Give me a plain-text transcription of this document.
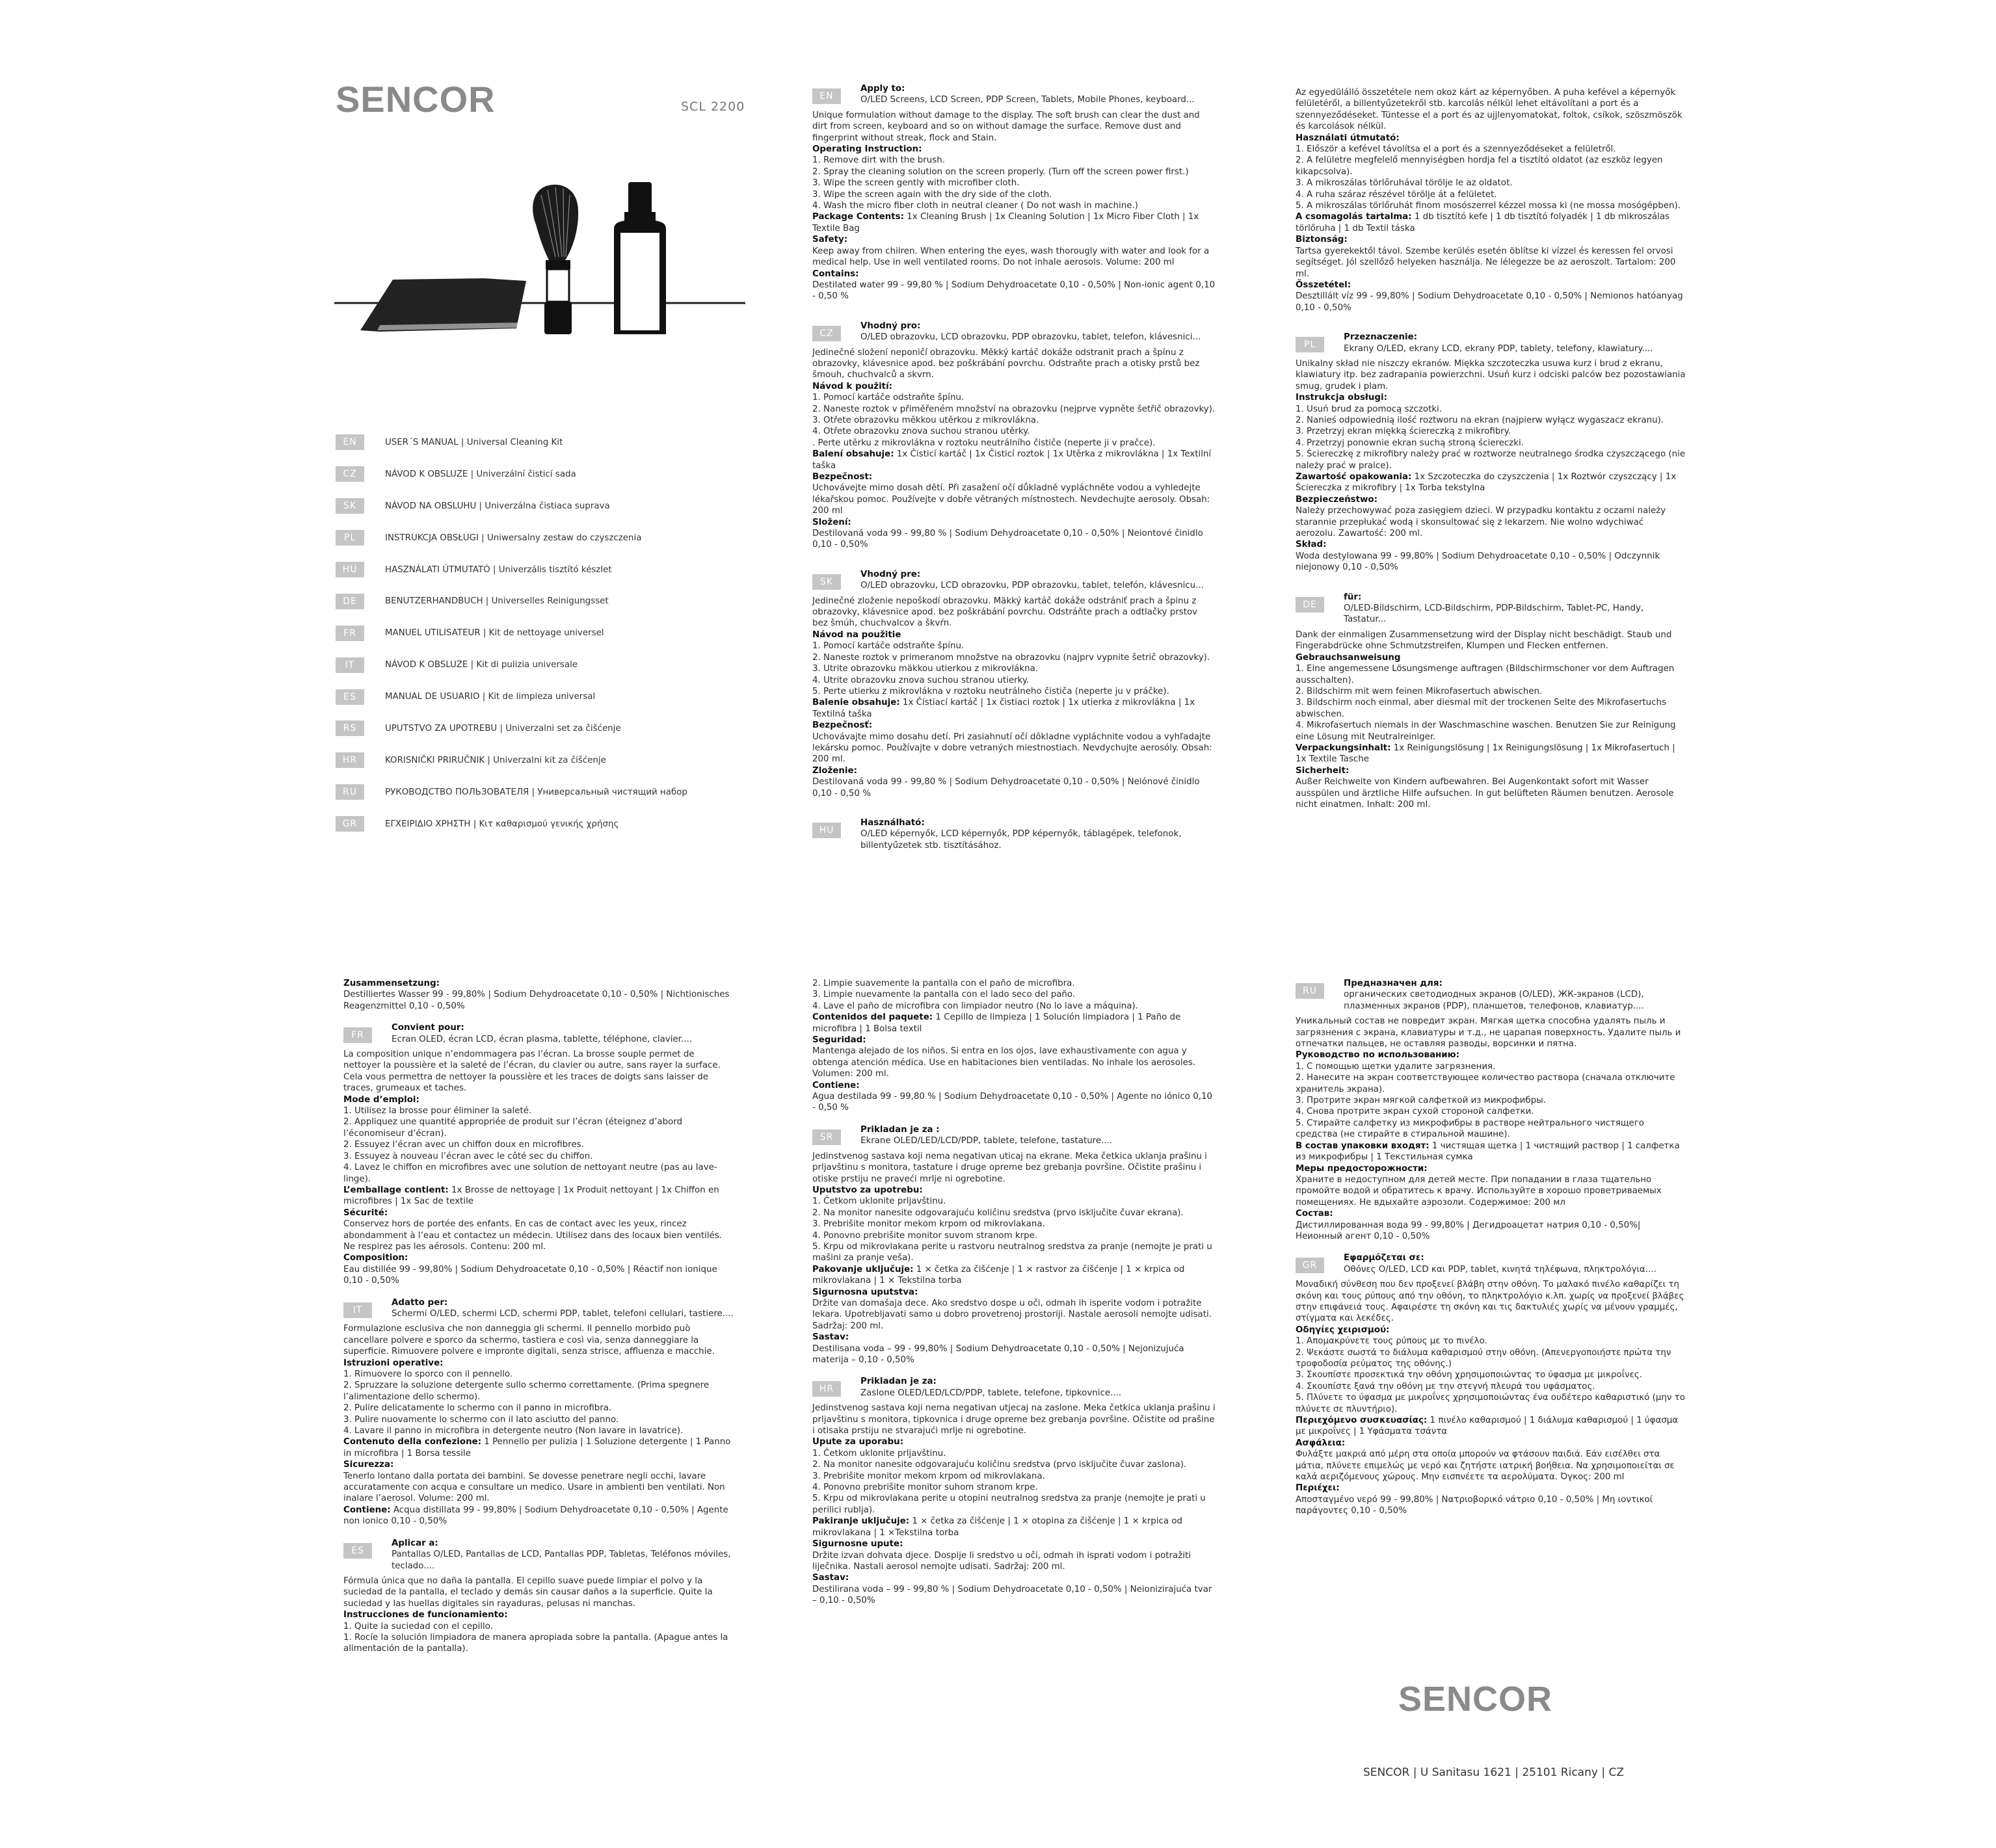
SENCOR	SCL 2200
EN	USER´S MANUAL | Universal Cleaning Kit
CZ	NÁVOD K OBSLUZE | Univerzální čisticí sada
SK	NÁVOD NA OBSLUHU | Univerzálna čistiaca suprava
PL	INSTRUKCJA OBSŁUGI | Uniwersalny zestaw do czyszczenia
HU	HASZNÁLATI ÚTMUTATÓ | Univerzális tisztító készlet
DE	BENUTZERHANDBUCH | Universelles Reinigungsset
FR	MANUEL UTILISATEUR | Kit de nettoyage universel
IT	NÁVOD K OBSLUZE | Kit di pulizia universale
ES	MANUAL DE USUARIO | Kit de limpieza universal
RS	UPUTSTVO ZA UPOTREBU | Univerzalni set za čišćenje
HR	KORISNIČKI PRIRUČNIK | Univerzalni kit za čišćenje
RU	РУКОВОДСТВО ПОЛЬЗОВАТЕЛЯ | Универсальный чистящий набор
GR	ΕΓΧΕΙΡΙΔΙΟ ΧΡΗΣΤΗ | Κιτ καθαρισμού γενικής χρήσης
EN

Apply to:

O/LED Screens, LCD Screen, PDP Screen, Tablets, Mobile Phones, keyboard...

Unique formulation without damage to the display. The soft brush can clear the dust and dirt from screen, keyboard and so on without damage the surface. Remove dust and fingerprint without streak, flock and Stain.

Operating Instruction:

1. Remove dirt with the brush.

2. Spray the cleaning solution on the screen properly. (Turn off the screen power first.)

3. Wipe the screen gently with microfiber cloth.

3. Wipe the screen again with the dry side of the cloth.

4. Wash the micro fiber cloth in neutral cleaner ( Do not wash in machine.)

Package Contents: 1x Cleaning Brush | 1x Cleaning Solution | 1x Micro Fiber Cloth | 1x Textile Bag

Safety:

Keep away from chilren. When entering the eyes, wash thorougly with water and look for a medical help. Use in well ventilated rooms. Do not inhale aerosols. Volume: 200 ml

Contains:

Destilated water 99 - 99,80 % | Sodium Dehydroacetate 0,10 - 0,50% | Non-ionic agent 0,10 - 0,50 %

CZ

Vhodný pro:

O/LED obrazovku, LCD obrazovku, PDP obrazovku, tablet, telefon, klávesnici...

Jedinečné složení neponičí obrazovku. Měkký kartáč dokáže odstranit prach a špínu z obrazovky, klávesnice apod. bez poškrábání povrchu. Odstraňte prach a otisky prstů bez šmouh, chuchvalců a skvrn.

Návod k použití:

1. Pomocí kartáče odstraňte špínu.

2. Naneste roztok v přiměřeném množství na obrazovku (nejprve vypněte šetřič obrazovky).

3. Otřete obrazovku měkkou utěrkou z mikrovlákna.

4. Otřete obrazovku znova suchou stranou utěrky.

. Perte utěrku z mikrovlákna v roztoku neutrálního čističe (neperte ji v pračce).

Balení obsahuje: 1x Čisticí kartáč | 1x Čisticí roztok | 1x Utěrka z mikrovlákna | 1x Textilní taška

Bezpečnost:

Uchovávejte mimo dosah dětí. Při zasažení očí důkladně vypláchněte vodou a vyhledejte lékařskou pomoc. Používejte v dobře větraných místnostech. Nevdechujte aerosoly. Obsah: 200 ml

Složení:

Destilovaná voda 99 - 99,80 % | Sodium Dehydroacetate 0,10 - 0,50% | Neiontové činidlo 0,10 - 0,50%

SK

Vhodný pre:

O/LED obrazovku, LCD obrazovku, PDP obrazovku, tablet, telefón, klávesnicu...

Jedinečné zloženie nepoškodí obrazovku. Mäkký kartáč dokáže odstrániť prach a špinu z obrazovky, klávesnice apod. bez poškrábání povrchu. Odstráňte prach a odtlačky prstov bez šmúh, chuchvalcov a škvŕn.

Návod na použitie

1. Pomocí kartáče odstraňte špínu.

2. Naneste roztok v primeranom množstve na obrazovku (najprv vypnite šetrič obrazovky).

3. Utrite obrazovku mäkkou utierkou z mikrovlákna.

4. Utrite obrazovku znova suchou stranou utierky.

5. Perte utierku z mikrovlákna v roztoku neutrálneho čističa (neperte ju v práčke).

Balenie obsahuje: 1x Čistiací kartáč | 1x čistiaci roztok | 1x utierka z mikrovlákna | 1x Textilná taška

Bezpečnosť:

Uchovávajte mimo dosahu detí. Pri zasiahnutí očí dôkladne vypláchnite vodou a vyhľadajte lekársku pomoc. Používajte v dobre vetraných miestnostiach. Nevdychujte aerosóly. Obsah: 200 ml.

Zloženie:

Destilovaná voda 99 - 99,80 % | Sodium Dehydroacetate 0,10 - 0,50% | Neiónové činidlo 0,10 - 0,50 %

HU

Használható:

O/LED képernyők, LCD képernyők, PDP képernyők, táblagépek, telefonok, billentyűzetek stb. tisztításához.

Az egyedülálló összetétele nem okoz kárt az képernyőben. A puha kefével a képernyők felületéről, a billentyűzetekről stb. karcolás nélkül lehet eltávolítani a port és a szennyeződéseket. Tüntesse el a port és az ujjlenyomatokat, foltok, csíkok, szöszmöszök és karcolások nélkül.

Használati útmutató:

1. Először a kefével távolítsa el a port és a szennyeződéseket a felületről.

2. A felületre megfelelő mennyiségben hordja fel a tisztító oldatot (az eszköz legyen kikapcsolva).

3. A mikroszálas törlőruhával törölje le az oldatot.

4. A ruha száraz részével törölje át a felületet.

5. A mikroszálas törlőruhát finom mosószerrel kézzel mossa ki (ne mossa mosógépben).

A csomagolás tartalma: 1 db tisztító kefe | 1 db tisztító folyadék | 1 db mikroszálas törlőruha | 1 db Textil táska

Biztonság:

Tartsa gyerekektől távol. Szembe kerülés esetén öblítse ki vízzel és keressen fel orvosi segítséget. Jól szellőző helyeken használja. Ne lélegezze be az aeroszolt. Tartalom: 200 ml.

Összetétel:

Desztillált víz 99 - 99,80% | Sodium Dehydroacetate 0,10 - 0,50% | Nemionos hatóanyag 0,10 - 0,50%

PL

Przeznaczenie:

Ekrany O/LED, ekrany LCD, ekrany PDP, tablety, telefony, klawiatury....

Unikalny skład nie niszczy ekranów. Miękka szczoteczka usuwa kurz i brud z ekranu, klawiatury itp. bez zadrapania powierzchni. Usuń kurz i odciski palców bez pozostawiania smug, grudek i plam.

Instrukcja obsługi:

1. Usuń brud za pomocą szczotki.

2. Nanieś odpowiednią ilość roztworu na ekran (najpierw wyłącz wygaszacz ekranu).

3. Przetrzyj ekran miękką ściereczką z mikrofibry.

4. Przetrzyj ponownie ekran suchą stroną ściereczki.

5. Ściereczkę z mikrofibry należy prać w roztworze neutralnego środka czyszczącego (nie należy prać w pralce).

Zawartość opakowania: 1x Szczoteczka do czyszczenia | 1x Roztwór czyszczący | 1x Ściereczka z mikrofibry | 1x Torba tekstylna

Bezpieczeństwo:

Należy przechowywać poza zasięgiem dzieci. W przypadku kontaktu z oczami należy starannie przepłukać wodą i skonsultować się z lekarzem. Nie wolno wdychiwać aerozolu. Zawartość: 200 ml.

Skład:

Woda destylowana 99 - 99,80% | Sodium Dehydroacetate 0,10 - 0,50% | Odczynnik niejonowy 0,10 - 0,50%

DE

für:

O/LED-Bildschirm, LCD-Bildschirm, PDP-Bildschirm, Tablet-PC, Handy, Tastatur...

Dank der einmaligen Zusammensetzung wird der Display nicht beschädigt. Staub und Fingerabdrücke ohne Schmutzstreifen, Klumpen und Flecken entfernen.

Gebrauchsanweisung

1. Eine angemessene Lösungsmenge auftragen (Bildschirmschoner vor dem Auftragen ausschalten).

2. Bildschirm mit wem feinen Mikrofasertuch abwischen.

3. Bildschirm noch einmal, aber diesmal mit der trockenen Seite des Mikrofasertuchs abwischen.

4. Mikrofasertuch niemals in der Waschmaschine waschen. Benutzen Sie zur Reinigung eine Lösung mit Neutralreiniger.

Verpackungsinhalt: 1x Reinigungslösung | 1x Reinigungslösung | 1x Mikrofasertuch | 1x Textile Tasche

Sicherheit:

Außer Reichweite von Kindern aufbewahren. Bei Augenkontakt sofort mit Wasser ausspülen und ärztliche Hilfe aufsuchen. In gut belüfteten Räumen benutzen. Aerosole nicht einatmen. Inhalt: 200 ml.

Zusammensetzung:

Destilliertes Wasser 99 - 99,80% | Sodium Dehydroacetate 0,10 - 0,50% | Nichtionisches Reagenzmittel 0,10 - 0,50%

FR

Convient pour:

Ecran OLED, écran LCD, écran plasma, tablette, téléphone, clavier....

La composition unique n’endommagera pas l’écran. La brosse souple permet de nettoyer la poussière et la saleté de l’écran, du clavier ou autre, sans rayer la surface. Cela vous permettra de nettoyer la poussière et les traces de doigts sans laisser de traces, grumeaux et taches.

Mode d’emploi:

1. Utilisez la brosse pour éliminer la saleté.

2. Appliquez une quantité appropriée de produit sur l’écran (éteignez d’abord l’économiseur d’écran).

2. Essuyez l’écran avec un chiffon doux en microfibres.

3. Essuyez à nouveau l’écran avec le côté sec du chiffon.

4. Lavez le chiffon en microfibres avec une solution de nettoyant neutre (pas au lave-linge).

L’emballage contient: 1x Brosse de nettoyage | 1x Produit nettoyant | 1x Chiffon en microfibres | 1x Sac de textile

Sécurité:

Conservez hors de portée des enfants. En cas de contact avec les yeux, rincez abondamment à l’eau et contactez un médecin. Utilisez dans des locaux bien ventilés. Ne respirez pas les aérosols. Contenu: 200 ml.

Composition:

Eau distillée 99 - 99,80% | Sodium Dehydroacetate 0,10 - 0,50% | Réactif non ionique 0,10 - 0,50%

IT

Adatto per:

Schermi O/LED, schermi LCD, schermi PDP, tablet, telefoni cellulari, tastiere....

Formulazione esclusiva che non danneggia gli schermi. Il pennello morbido può cancellare polvere e sporco da schermo, tastiera e così via, senza danneggiare la superficie. Rimuovere polvere e impronte digitali, senza strisce, affluenza e macchie.

Istruzioni operative:

1. Rimuovere lo sporco con il pennello.

2. Spruzzare la soluzione detergente sullo schermo correttamente. (Prima spegnere l’alimentazione dello schermo).

2. Pulire delicatamente lo schermo con il panno in microfibra.

3. Pulire nuovamente lo schermo con il lato asciutto del panno.

4. Lavare il panno in microfibra in detergente neutro (Non lavare in lavatrice).

Contenuto della confezione: 1 Pennello per pulizia | 1 Soluzione detergente | 1 Panno in microfibra | 1 Borsa tessile

Sicurezza:

Tenerlo lontano dalla portata dei bambini. Se dovesse penetrare negli occhi, lavare accuratamente con acqua e consultare un medico. Usare in ambienti ben ventilati. Non inalare l’aerosol. Volume: 200 ml.

Contiene: Acqua distillata 99 - 99,80% | Sodium Dehydroacetate 0,10 - 0,50% | Agente non ionico 0,10 - 0,50%

ES

Aplicar a:

Pantallas O/LED, Pantallas de LCD, Pantallas PDP, Tabletas, Teléfonos móviles, teclado....

Fórmula única que no daña la pantalla. El cepillo suave puede limpiar el polvo y la suciedad de la pantalla, el teclado y demás sin causar daños a la superficie. Quite la suciedad y las huellas digitales sin rayaduras, pelusas ni manchas.

Instrucciones de funcionamiento:

1. Quite la suciedad con el cepillo.

1. Rocíe la solución limpiadora de manera apropiada sobre la pantalla. (Apague antes la alimentación de la pantalla).

2. Limpie suavemente la pantalla con el paño de microfibra.

3. Limpie nuevamente la pantalla con el lado seco del paño.

4. Lave el paño de microfibra con limpiador neutro (No lo lave a máquina).

Contenidos del paquete: 1 Cepillo de limpieza | 1 Solución limpiadora | 1 Paño de microfibra | 1 Bolsa textil

Seguridad:

Mantenga alejado de los niños. Si entra en los ojos, lave exhaustivamente con agua y obtenga atención médica. Use en habitaciones bien ventiladas. No inhale los aerosoles. Volumen: 200 ml.

Contiene:

Agua destilada 99 - 99,80 % | Sodium Dehydroacetate 0,10 - 0,50% | Agente no iónico 0,10 - 0,50 %

SR

Prikladan je za :

Ekrane OLED/LED/LCD/PDP, tablete, telefone, tastature....

Jedinstvenog sastava koji nema negativan uticaj na ekrane. Meka četkica uklanja prašinu i prljavštinu s monitora, tastature i druge opreme bez grebanja površine. Očistite prašinu i otiske prstiju ne praveći mrlje ni ogrebotine.

Uputstvo za upotrebu:

1. Četkom uklonite prljavštinu.

2. Na monitor nanesite odgovarajuću količinu sredstva (prvo isključite čuvar ekrana).

3. Prebrišite monitor mekom krpom od mikrovlakana.

4. Ponovno prebrišite monitor suvom stranom krpe.

5. Krpu od mikrovlakana perite u rastvoru neutralnog sredstva za pranje (nemojte je prati u mašini za pranje veša).

Pakovanje uključuje: 1 × četka za čišćenje | 1 × rastvor za čišćenje | 1 × krpica od mikrovlakana | 1 × Tekstilna torba

Sigurnosna uputstva:

Držite van domašaja dece. Ako sredstvo dospe u oči, odmah ih isperite vodom i potražite lekara. Upotrebljavati samo u dobro provetrenoj prostoriji. Nastale aerosoli nemojte udisati. Sadržaj: 200 ml.

Sastav:

Destilisana voda – 99 - 99,80% | Sodium Dehydroacetate 0,10 - 0,50% | Nejonizujuća materija – 0,10 - 0,50%

HR

Prikladan je za:

Zaslone OLED/LED/LCD/PDP, tablete, telefone, tipkovnice....

Jedinstvenog sastava koji nema negativan utjecaj na zaslone. Meka četkica uklanja prašinu i prljavštinu s monitora, tipkovnica i druge opreme bez grebanja površine. Očistite od prašine i otisaka prstiju ne stvarajući mrlje ni ogrebotine.

Upute za uporabu:

1. Četkom uklonite prljavštinu.

2. Na monitor nanesite odgovarajuću količinu sredstva (prvo isključite čuvar zaslona).

3. Prebrišite monitor mekom krpom od mikrovlakana.

4. Ponovno prebrišite monitor suhom stranom krpe.

5. Krpu od mikrovlakana perite u otopini neutralnog sredstva za pranje (nemojte je prati u perilici rublja).

Pakiranje uključuje: 1 × četka za čišćenje | 1 × otopina za čišćenje | 1 × krpica od mikrovlakana | 1 ×Tekstilna torba

Sigurnosne upute:

Držite izvan dohvata djece. Dospije li sredstvo u oči, odmah ih isprati vodom i potražiti liječnika. Nastali aerosol nemojte udisati. Sadržaj: 200 ml.

Sastav:

Destilirana voda – 99 - 99,80 % | Sodium Dehydroacetate 0,10 - 0,50% | Neionizirajuća tvar – 0,10 - 0,50%

RU

Предназначен для:

органических светодиодных экранов (O/LED), ЖК-экранов (LCD), плазменных экранов (PDP), планшетов, телефонов, клавиатур....

Уникальный состав не повредит экран. Мягкая щетка способна удалять пыль и загрязнения с экрана, клавиатуры и т.д., не царапая поверхность. Удалите пыль и отпечатки пальцев, не оставляя разводы, ворсинки и пятна.

Руководство по использованию:

1. С помощью щетки удалите загрязнения.

2. Нанесите на экран соответствующее количество раствора (сначала отключите хранитель экрана).

3. Протрите экран мягкой салфеткой из микрофибры.

4. Снова протрите экран сухой стороной салфетки.

5. Стирайте салфетку из микрофибры в растворе нейтрального чистящего средства (не стирайте в стиральной машине).

В состав упаковки входят: 1 чистящая щетка | 1 чистящий раствор | 1 салфетка из микрофибры | 1 Текстильная сумка

Меры предосторожности:

Храните в недоступном для детей месте. При попадании в глаза тщательно промойте водой и обратитесь к врачу. Используйте в хорошо проветриваемых помещениях. Не вдыхайте аэрозоли. Содержимое: 200 мл

Состав:

Дистиллированная вода 99 - 99,80% | Дегидроацетат натрия 0,10 - 0,50%| Неионный агент 0,10 - 0,50%

GR

Εφαρμόζεται σε:

Οθόνες O/LED, LCD και PDP, tablet, κινητά τηλέφωνα, πληκτρολόγια....

Μοναδική σύνθεση που δεν προξενεί βλάβη στην οθόνη. Το μαλακό πινέλο καθαρίζει τη σκόνη και τους ρύπους από την οθόνη, το πληκτρολόγιο κ.λπ. χωρίς να προξενεί βλάβες στην επιφάνειά τους. Αφαιρέστε τη σκόνη και τις δακτυλιές χωρίς να μένουν γραμμές, στίγματα και λεκέδες.

Οδηγίες χειρισμού:

1. Απομακρύνετε τους ρύπους με το πινέλο.

2. Ψεκάστε σωστά το διάλυμα καθαρισμού στην οθόνη. (Απενεργοποιήστε πρώτα την τροφοδοσία ρεύματος της οθόνης.)

3. Σκουπίστε προσεκτικά την οθόνη χρησιμοποιώντας το ύφασμα με μικροΐνες.

4. Σκουπίστε ξανά την οθόνη με την στεγνή πλευρά του υφάσματος.

5. Πλύνετε το ύφασμα με μικροΐνες χρησιμοποιώντας ένα ουδέτερο καθαριστικό (μην το πλύνετε σε πλυντήριο).

Περιεχόμενο συσκευασίας: 1 πινέλο καθαρισμού | 1 διάλυμα καθαρισμού | 1 ύφασμα με μικροΐνες | 1 Υφάσματα τσάντα

Ασφάλεια:

Φυλάξτε μακριά από μέρη στα οποία μπορούν να φτάσουν παιδιά. Εάν εισέλθει στα μάτια, πλύνετε επιμελώς με νερό και ζητήστε ιατρική βοήθεια. Να χρησιμοποιείται σε καλά αεριζόμενους χώρους. Μην εισπνέετε τα αερολύματα. Όγκος: 200 ml

Περιέχει:

Αποσταγμένο νερό 99 - 99,80% | Νατριοβορικό νάτριο 0,10 - 0,50% | Μη ιοντικοί παράγοντες 0,10 - 0,50%

SENCOR
SENCOR | U Sanitasu 1621 | 25101 Ricany | CZ
